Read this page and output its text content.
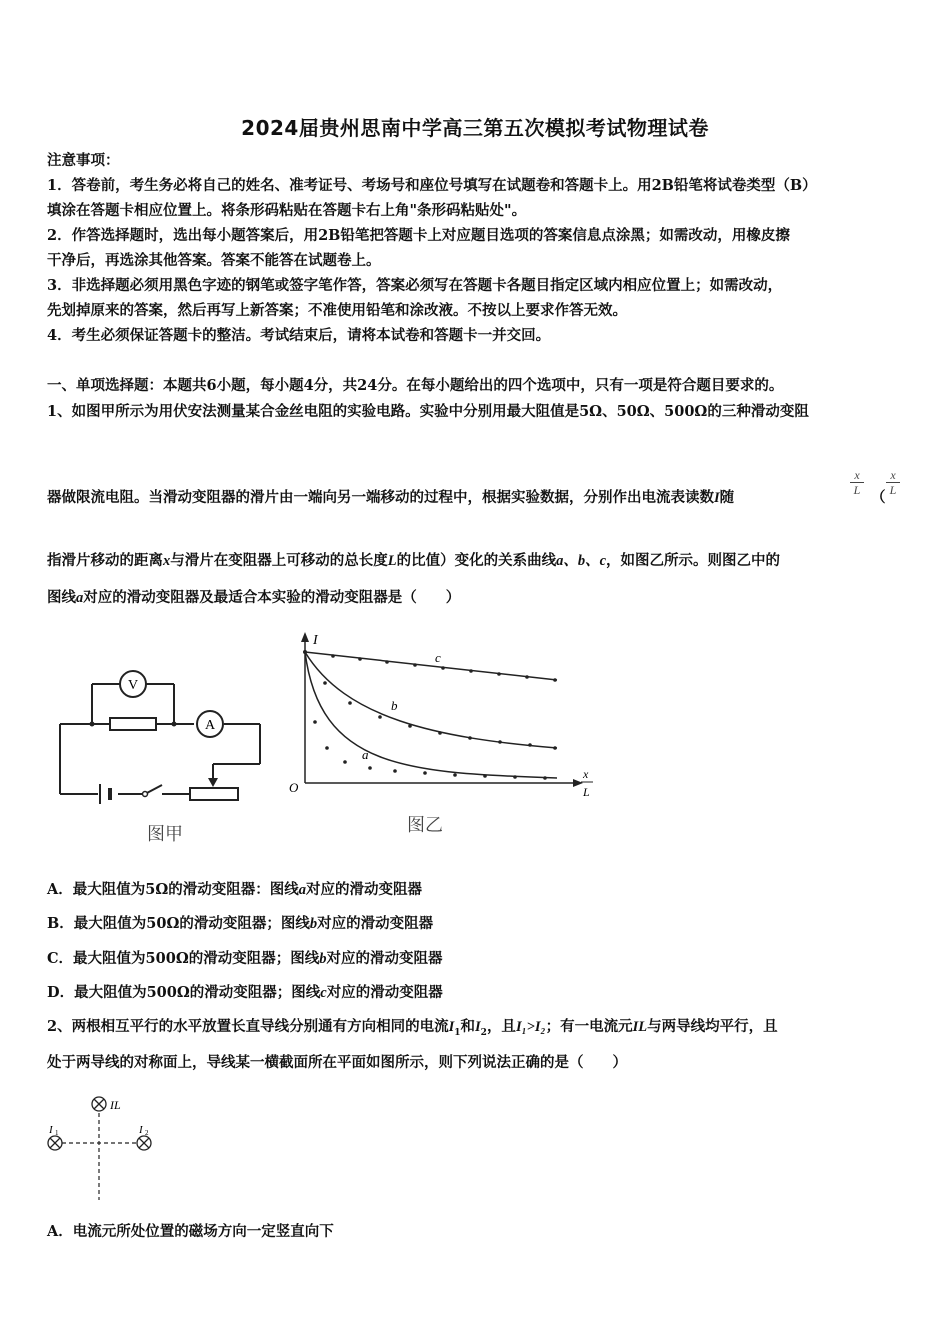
2024届贵州思南中学高三第五次模拟考试物理试卷
注意事项：
1．答卷前，考生务必将自己的姓名、准考证号、考场号和座位号填写在试题卷和答题卡上。用2B铅笔将试卷类型（B）
填涂在答题卡相应位置上。将条形码粘贴在答题卡右上角"条形码粘贴处"。
2．作答选择题时，选出每小题答案后，用2B铅笔把答题卡上对应题目选项的答案信息点涂黑；如需改动，用橡皮擦
干净后，再选涂其他答案。答案不能答在试题卷上。
3．非选择题必须用黑色字迹的钢笔或签字笔作答，答案必须写在答题卡各题目指定区域内相应位置上；如需改动，
先划掉原来的答案，然后再写上新答案；不准使用铅笔和涂改液。不按以上要求作答无效。
4．考生必须保证答题卡的整洁。考试结束后，请将本试卷和答题卡一并交回。
一、单项选择题：本题共6小题，每小题4分，共24分。在每小题给出的四个选项中，只有一项是符合题目要求的。
1、如图甲所示为用伏安法测量某合金丝电阻的实验电路。实验中分别用最大阻值是5Ω、50Ω、500Ω的三种滑动变阻
器做限流电阻。当滑动变阻器的滑片由一端向另一端移动的过程中，根据实验数据，分别作出电流表读数I随
$\frac{x}{L}$
（
$\frac{x}{L}$
指滑片移动的距离x与滑片在变阻器上可移动的总长度L的比值）变化的关系曲线a、b、c，如图乙所示。则图乙中的
图线a对应的滑动变阻器及最适合本实验的滑动变阻器是（　　）
V
A
图甲
I
O
x
L
c
b
a
图乙
A．最大阻值为5Ω的滑动变阻器：图线a对应的滑动变阻器
B．最大阻值为50Ω的滑动变阻器；图线b对应的滑动变阻器
C．最大阻值为500Ω的滑动变阻器；图线b对应的滑动变阻器
D．最大阻值为500Ω的滑动变阻器；图线c对应的滑动变阻器
2、两根相互平行的水平放置长直导线分别通有方向相同的电流$I_1$和$I_2$，且I₁>I₂；有一电流元IL与两导线均平行，且
处于两导线的对称面上，导线某一横截面所在平面如图所示，则下列说法正确的是（　　）
IL
I 1	I 2
A．电流元所处位置的磁场方向一定竖直向下
